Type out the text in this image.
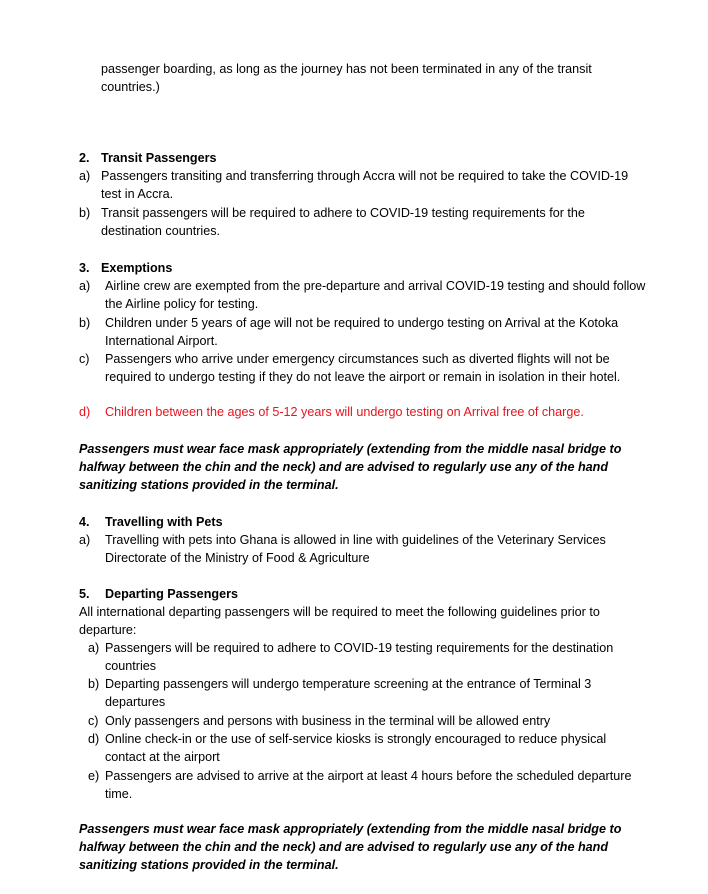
passenger boarding, as long as the journey has not been terminated in any of the transit countries.)
2. Transit Passengers
a) Passengers transiting and transferring through Accra will not be required to take the COVID-19 test in Accra.
b) Transit passengers will be required to adhere to COVID-19 testing requirements for the destination countries.
3. Exemptions
a)	Airline crew are exempted from the pre-departure and arrival COVID-19 testing and should follow the Airline policy for testing.
b)	Children under 5 years of age will not be required to undergo testing on Arrival at the Kotoka International Airport.
c)	Passengers who arrive under emergency circumstances such as diverted flights will not be required to undergo testing if they do not leave the airport or remain in isolation in their hotel.
d)	Children between the ages of 5-12 years will undergo testing on Arrival free of charge.
Passengers must wear face mask appropriately (extending from the middle nasal bridge to halfway between the chin and the neck) and are advised to regularly use any of the hand sanitizing stations provided in the terminal.
4.	Travelling with Pets
a)	Travelling with pets into Ghana is allowed in line with guidelines of the Veterinary Services Directorate of the Ministry of Food & Agriculture
5.	Departing Passengers
All international departing passengers will be required to meet the following guidelines prior to departure:
a) Passengers will be required to adhere to COVID-19 testing requirements for the destination countries
b) Departing passengers will undergo temperature screening at the entrance of Terminal 3 departures
c) Only passengers and persons with business in the terminal will be allowed entry
d) Online check-in or the use of self-service kiosks is strongly encouraged to reduce physical contact at the airport
e) Passengers are advised to arrive at the airport at least 4 hours before the scheduled departure time.
Passengers must wear face mask appropriately (extending from the middle nasal bridge to halfway between the chin and the neck) and are advised to regularly use any of the hand sanitizing stations provided in the terminal.
